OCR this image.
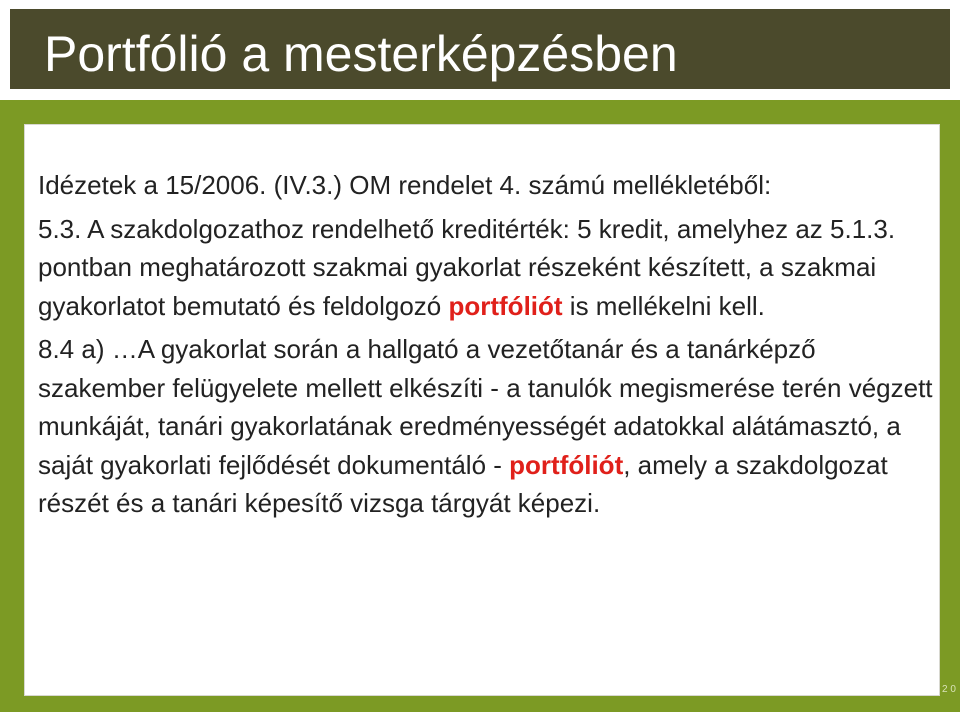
Portfólió a mesterképzésben

Idézetek a 15/2006. (IV.3.) OM rendelet 4. számú mellékletéből:

5.3. A szakdolgozathoz rendelhető kreditérték: 5 kredit, amelyhez az 5.1.3. pontban meghatározott szakmai gyakorlat részeként készített, a szakmai gyakorlatot bemutató és feldolgozó portfóliót is mellékelni kell.

8.4 a) …A gyakorlat során a hallgató a vezetőtanár és a tanárképző szakember felügyelete mellett elkészíti - a tanulók megismerése terén végzett munkáját, tanári gyakorlatának eredményességét adatokkal alátámasztó, a saját gyakorlati fejlődését dokumentáló - portfóliót, amely a szakdolgozat részét és a tanári képesítő vizsga tárgyát képezi.

2 0
